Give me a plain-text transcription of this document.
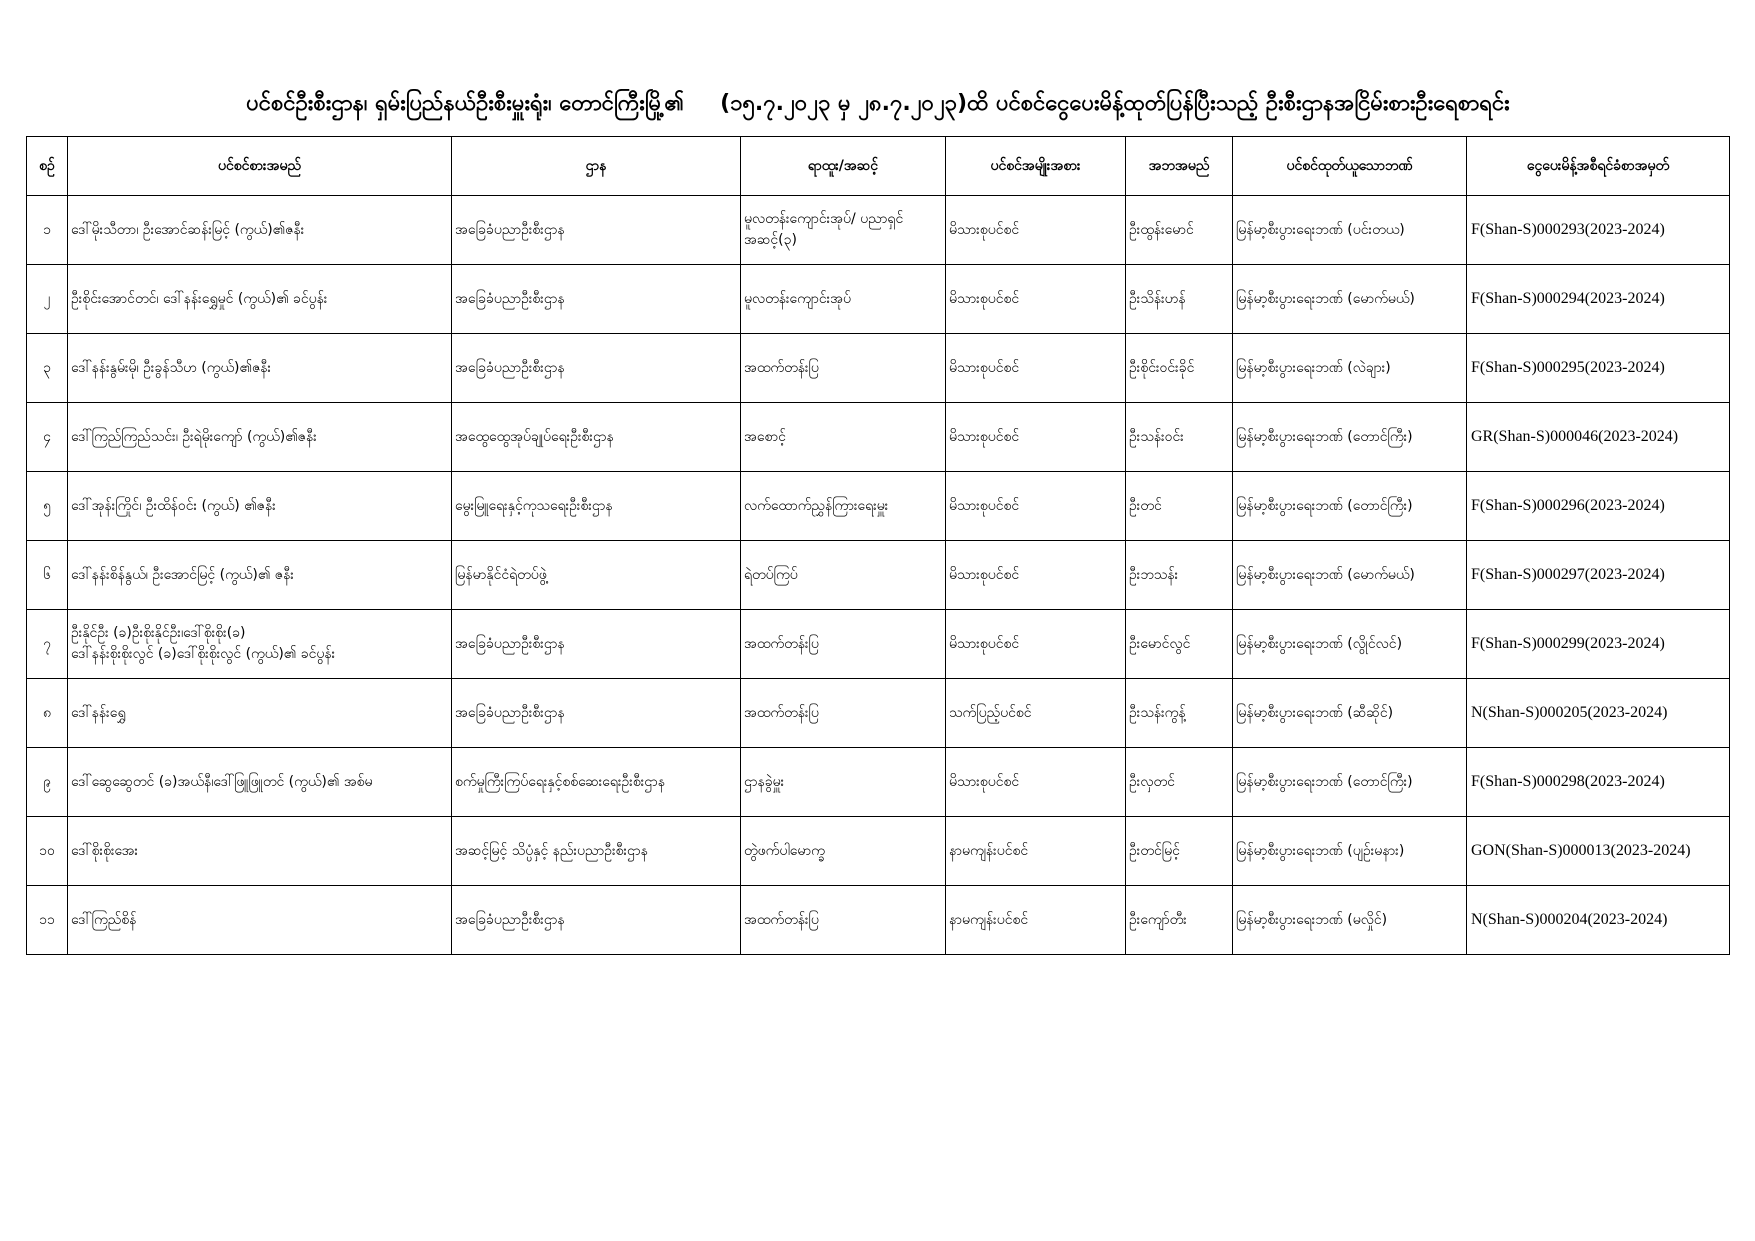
ပင်စင်ဦးစီးဌာန၊ ရှမ်းပြည်နယ်ဦးစီးမှူးရုံး၊ တောင်ကြီးမြို့၏ (၁၅.၇.၂၀၂၃ မှ ၂၈.၇.၂၀၂၃)ထိ ပင်စင်ငွေပေးမိန့်ထုတ်ပြန်ပြီးသည့် ဦးစီးဌာနအငြိမ်းစားဦးရေစာရင်း
စဉ်	ပင်စင်စားအမည်	ဌာန	ရာထူး/အဆင့်	ပင်စင်အမျိုးအစား	အဘအမည်	ပင်စင်ထုတ်ယူသောဘဏ်	ငွေပေးမိန့်အစီရင်ခံစာအမှတ်
၁	ဒေါ်မိုးသီတာ၊ ဦးအောင်ဆန်းမြင့် (ကွယ်)၏ဇနီး	အခြေခံပညာဦးစီးဌာန	မူလတန်းကျောင်းအုပ်/ ပညာရှင်အဆင့်(၃)	မိသားစုပင်စင်	ဦးထွန်းမောင်	မြန်မာ့စီးပွားရေးဘဏ် (ပင်းတယ)	F(Shan-S)000293(2023-2024)
၂	ဦးစိုင်းအောင်တင်၊ ဒေါ်နန်းရွှေမှုင် (ကွယ်)၏ ခင်ပွန်း	အခြေခံပညာဦးစီးဌာန	မူလတန်းကျောင်းအုပ်	မိသားစုပင်စင်	ဦးသိန်းဟန်	မြန်မာ့စီးပွားရေးဘဏ် (မောက်မယ်)	F(Shan-S)000294(2023-2024)
၃	ဒေါ်နန်းနွမ်းမို၊ ဦးခွန်သီဟ (ကွယ်)၏ဇနီး	အခြေခံပညာဦးစီးဌာန	အထက်တန်းပြ	မိသားစုပင်စင်	ဦးစိုင်းဝင်းခိုင်	မြန်မာ့စီးပွားရေးဘဏ် (လဲချား)	F(Shan-S)000295(2023-2024)
၄	ဒေါ်ကြည်ကြည်သင်း၊ ဦးရဲမိုးကျော် (ကွယ်)၏ဇနီး	အထွေထွေအုပ်ချုပ်ရေးဦးစီးဌာန	အစောင့်	မိသားစုပင်စင်	ဦးသန်းဝင်း	မြန်မာ့စီးပွားရေးဘဏ် (တောင်ကြီး)	GR(Shan-S)000046(2023-2024)
၅	ဒေါ်အုန်းကြိုင်၊ ဦးထိန်ဝင်း (ကွယ်) ၏ဇနီး	မွေးမြူရေးနှင့်ကုသရေးဦးစီးဌာန	လက်ထောက်ညွှန်ကြားရေးမှူး	မိသားစုပင်စင်	ဦးတင်	မြန်မာ့စီးပွားရေးဘဏ် (တောင်ကြီး)	F(Shan-S)000296(2023-2024)
၆	ဒေါ်နန်းစိန်နွယ်၊ ဦးအောင်မြင့် (ကွယ်)၏ ဇနီး	မြန်မာနိုင်ငံရဲတပ်ဖွဲ့	ရဲတပ်ကြပ်	မိသားစုပင်စင်	ဦးဘသန်း	မြန်မာ့စီးပွားရေးဘဏ် (မောက်မယ်)	F(Shan-S)000297(2023-2024)
၇	ဦးနိုင်ဦး (ခ)ဦးစိုးနိုင်ဦး၊ဒေါ်စိုးစိုး(ခ)
ဒေါ်နန်းစိုးစိုးလွင် (ခ)ဒေါ်စိုးစိုးလွင် (ကွယ်)၏ ခင်ပွန်း	အခြေခံပညာဦးစီးဌာန	အထက်တန်းပြ	မိသားစုပင်စင်	ဦးမောင်လွင်	မြန်မာ့စီးပွားရေးဘဏ် (လွိုင်လင်)	F(Shan-S)000299(2023-2024)
၈	ဒေါ်နန်းရွှေ	အခြေခံပညာဦးစီးဌာန	အထက်တန်းပြ	သက်ပြည့်ပင်စင်	ဦးသန်းကွန့်	မြန်မာ့စီးပွားရေးဘဏ် (ဆီဆိုင်)	N(Shan-S)000205(2023-2024)
၉	ဒေါ်ဆွေဆွေတင် (ခ)အယ်နီ၊ဒေါ်ဖြူဖြူတင် (ကွယ်)၏ အစ်မ	စက်မှုကြီးကြပ်ရေးနှင့်စစ်ဆေးရေးဦးစီးဌာန	ဌာနခွဲမှူး	မိသားစုပင်စင်	ဦးလှတင်	မြန်မာ့စီးပွားရေးဘဏ် (တောင်ကြီး)	F(Shan-S)000298(2023-2024)
၁၀	ဒေါ်စိုးစိုးအေး	အဆင့်မြင့် သိပ္ပံနှင့် နည်းပညာဦးစီးဌာန	တွဲဖက်ပါမောက္ခ	နာမကျန်းပင်စင်	ဦးတင်မြင့်	မြန်မာ့စီးပွားရေးဘဏ် (ပျဉ်းမနား)	GON(Shan-S)000013(2023-2024)
၁၁	ဒေါ်ကြည်စိန်	အခြေခံပညာဦးစီးဌာန	အထက်တန်းပြ	နာမကျန်းပင်စင်	ဦးကျော်တီး	မြန်မာ့စီးပွားရေးဘဏ် (မလှိုင်)	N(Shan-S)000204(2023-2024)
